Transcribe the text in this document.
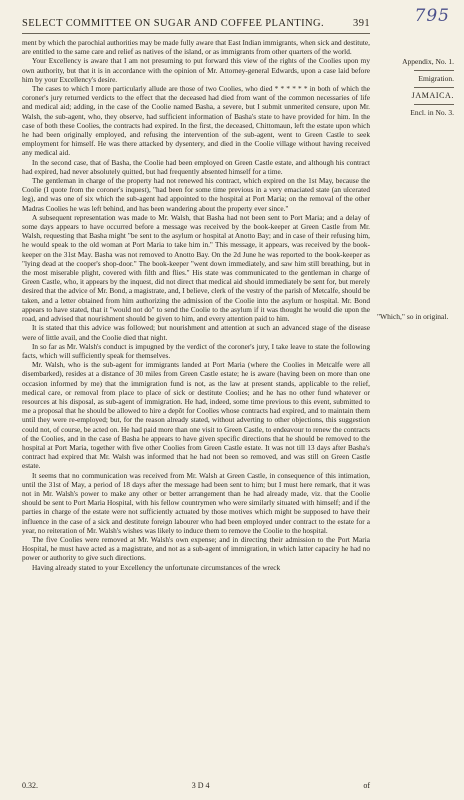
795
SELECT COMMITTEE ON SUGAR AND COFFEE PLANTING.	391
Appendix, No. 1.
Emigration.
JAMAICA.
Encl. in No. 3.
"Which," so in original.

ment by which the parochial authorities may be made fully aware that East Indian immigrants, when sick and destitute, are entitled to the same care and relief as natives of the island, or as immigrants from other quarters of the world.

Your Excellency is aware that I am not presuming to put forward this view of the rights of the Coolies upon my own authority, but that it is in accordance with the opinion of Mr. Attorney-general Edwards, upon a case laid before him by your Excellency's desire.

The cases to which I more particularly allude are those of two Coolies, who died * * * * * * in both of which the coroner's jury returned verdicts to the effect that the deceased had died from want of the common necessaries of life and medical aid; adding, in the case of the Coolie named Basha, a severe, but I submit unmerited censure, upon Mr. Walsh, the sub-agent, who, they observe, had sufficient information of Basha's state to have provided for him. In the case of both these Coolies, the contracts had expired. In the first, the deceased, Chittomaun, left the estate upon which he had been originally employed, and refusing the intervention of the sub-agent, went to Green Castle to seek employment for himself. He was there attacked by dysentery, and died in the Coolie village without having received any medical aid.

In the second case, that of Basha, the Coolie had been employed on Green Castle estate, and although his contract had expired, had never absolutely quitted, but had frequently absented himself for a time.

The gentleman in charge of the property had not renewed his contract, which expired on the 1st May, because the Coolie (I quote from the coroner's inquest), "had been for some time previous in a very emaciated state (an ulcerated leg), and was one of six which the sub-agent had appointed to the hospital at Port Maria; on the removal of the other Madras Coolies he was left behind, and has been wandering about the property ever since."

A subsequent representation was made to Mr. Walsh, that Basha had not been sent to Port Maria; and a delay of some days appears to have occurred before a message was received by the book-keeper at Green Castle from Mr. Walsh, requesting that Basha might "be sent to the asylum or hospital at Anotto Bay; and in case of their refusing him, he would speak to the old woman at Port Maria to take him in." This message, it appears, was received by the book-keeper on the 31st May. Basha was not removed to Anotto Bay. On the 2d June he was reported to the book-keeper as "lying dead at the cooper's shop-door." The book-keeper "went down immediately, and saw him still breathing, but in the most miserable plight, covered with filth and flies." His state was communicated to the gentleman in charge of Green Castle, who, it appears by the inquest, did not direct that medical aid should immediately be sent for, but merely desired that the advice of Mr. Bond, a magistrate, and, I believe, clerk of the vestry of the parish of Metcalfe, should be taken, and a letter obtained from him authorizing the admission of the Coolie into the asylum or hospital. Mr. Bond appears to have stated, that it "would not do" to send the Coolie to the asylum if it was thought he would die upon the road, and advised that nourishment should be given to him, and every attention paid to him.

It is stated that this advice was followed; but nourishment and attention at such an advanced stage of the disease were of little avail, and the Coolie died that night.

In so far as Mr. Walsh's conduct is impugned by the verdict of the coroner's jury, I take leave to state the following facts, which will sufficiently speak for themselves.

Mr. Walsh, who is the sub-agent for immigrants landed at Port Maria (where the Coolies in Metcalfe were all disembarked), resides at a distance of 30 miles from Green Castle estate; he is aware (having been on more than one occasion informed by me) that the immigration fund is not, as the law at present stands, applicable to the relief, medical care, or removal from place to place of sick or destitute Coolies; and he has no other fund whatever or resources at his disposal, as sub-agent of immigration. He had, indeed, some time previous to this event, submitted to me a proposal that he should be allowed to hire a depôt for Coolies whose contracts had expired, and to maintain them until they were re-employed; but, for the reason already stated, without adverting to other objections, this suggestion could not, of course, be acted on. He had paid more than one visit to Green Castle, to endeavour to renew the contracts of the Coolies, and in the case of Basha he appears to have given specific directions that he should be removed to the hospital at Port Maria, together with five other Coolies from Green Castle estate. It was not till 13 days after Basha's contract had expired that Mr. Walsh was informed that he had not been so removed, and was still on Green Castle estate.

It seems that no communication was received from Mr. Walsh at Green Castle, in consequence of this intimation, until the 31st of May, a period of 18 days after the message had been sent to him; but I must here remark, that it was not in Mr. Walsh's power to make any other or better arrangement than he had already made, viz. that the Coolie should be sent to Port Maria Hospital, with his fellow countrymen who were similarly situated with himself; and if the parties in charge of the estate were not sufficiently actuated by those motives which might be supposed to have their influence in the case of a sick and destitute foreign labourer who had been employed under contract to the estate for a year, no reiteration of Mr. Walsh's wishes was likely to induce them to remove the Coolie to the hospital.

The five Coolies were removed at Mr. Walsh's own expense; and in directing their admission to the Port Maria Hospital, he must have acted as a magistrate, and not as a sub-agent of immigration, in which latter capacity he had no power or authority to give such directions.

Having already stated to your Excellency the unfortunate circumstances of the wreck

0.32.	3 D 4	of
